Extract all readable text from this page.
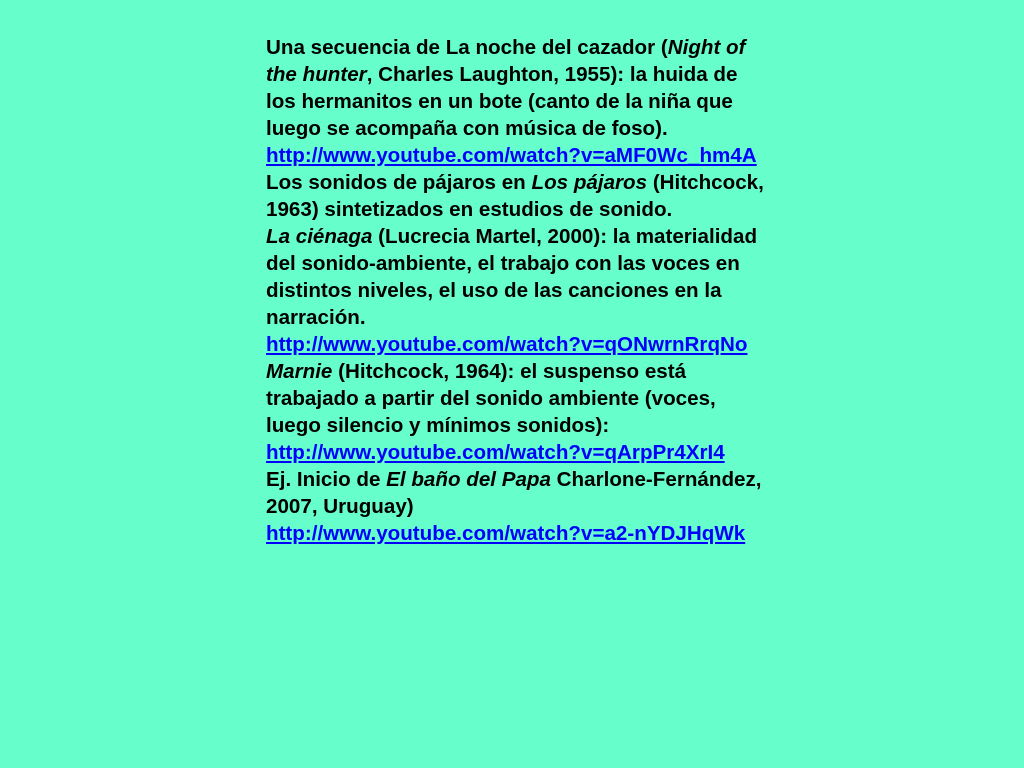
Una secuencia de La noche del cazador (Night of the hunter, Charles Laughton, 1955): la huida de los hermanitos en un bote (canto de la niña que luego se acompaña con música de foso).

http://www.youtube.com/watch?v=aMF0Wc_hm4A

Los sonidos de pájaros en Los pájaros (Hitchcock, 1963) sintetizados en estudios de sonido.

La ciénaga (Lucrecia Martel, 2000): la materialidad del sonido-ambiente, el trabajo con las voces en distintos niveles, el uso de las canciones en la narración.

http://www.youtube.com/watch?v=qONwrnRrqNo

Marnie (Hitchcock, 1964): el suspenso está trabajado a partir del sonido ambiente (voces, luego silencio y mínimos sonidos):

http://www.youtube.com/watch?v=qArpPr4XrI4

Ej. Inicio de El baño del Papa Charlone-Fernández, 2007, Uruguay)

http://www.youtube.com/watch?v=a2-nYDJHqWk
